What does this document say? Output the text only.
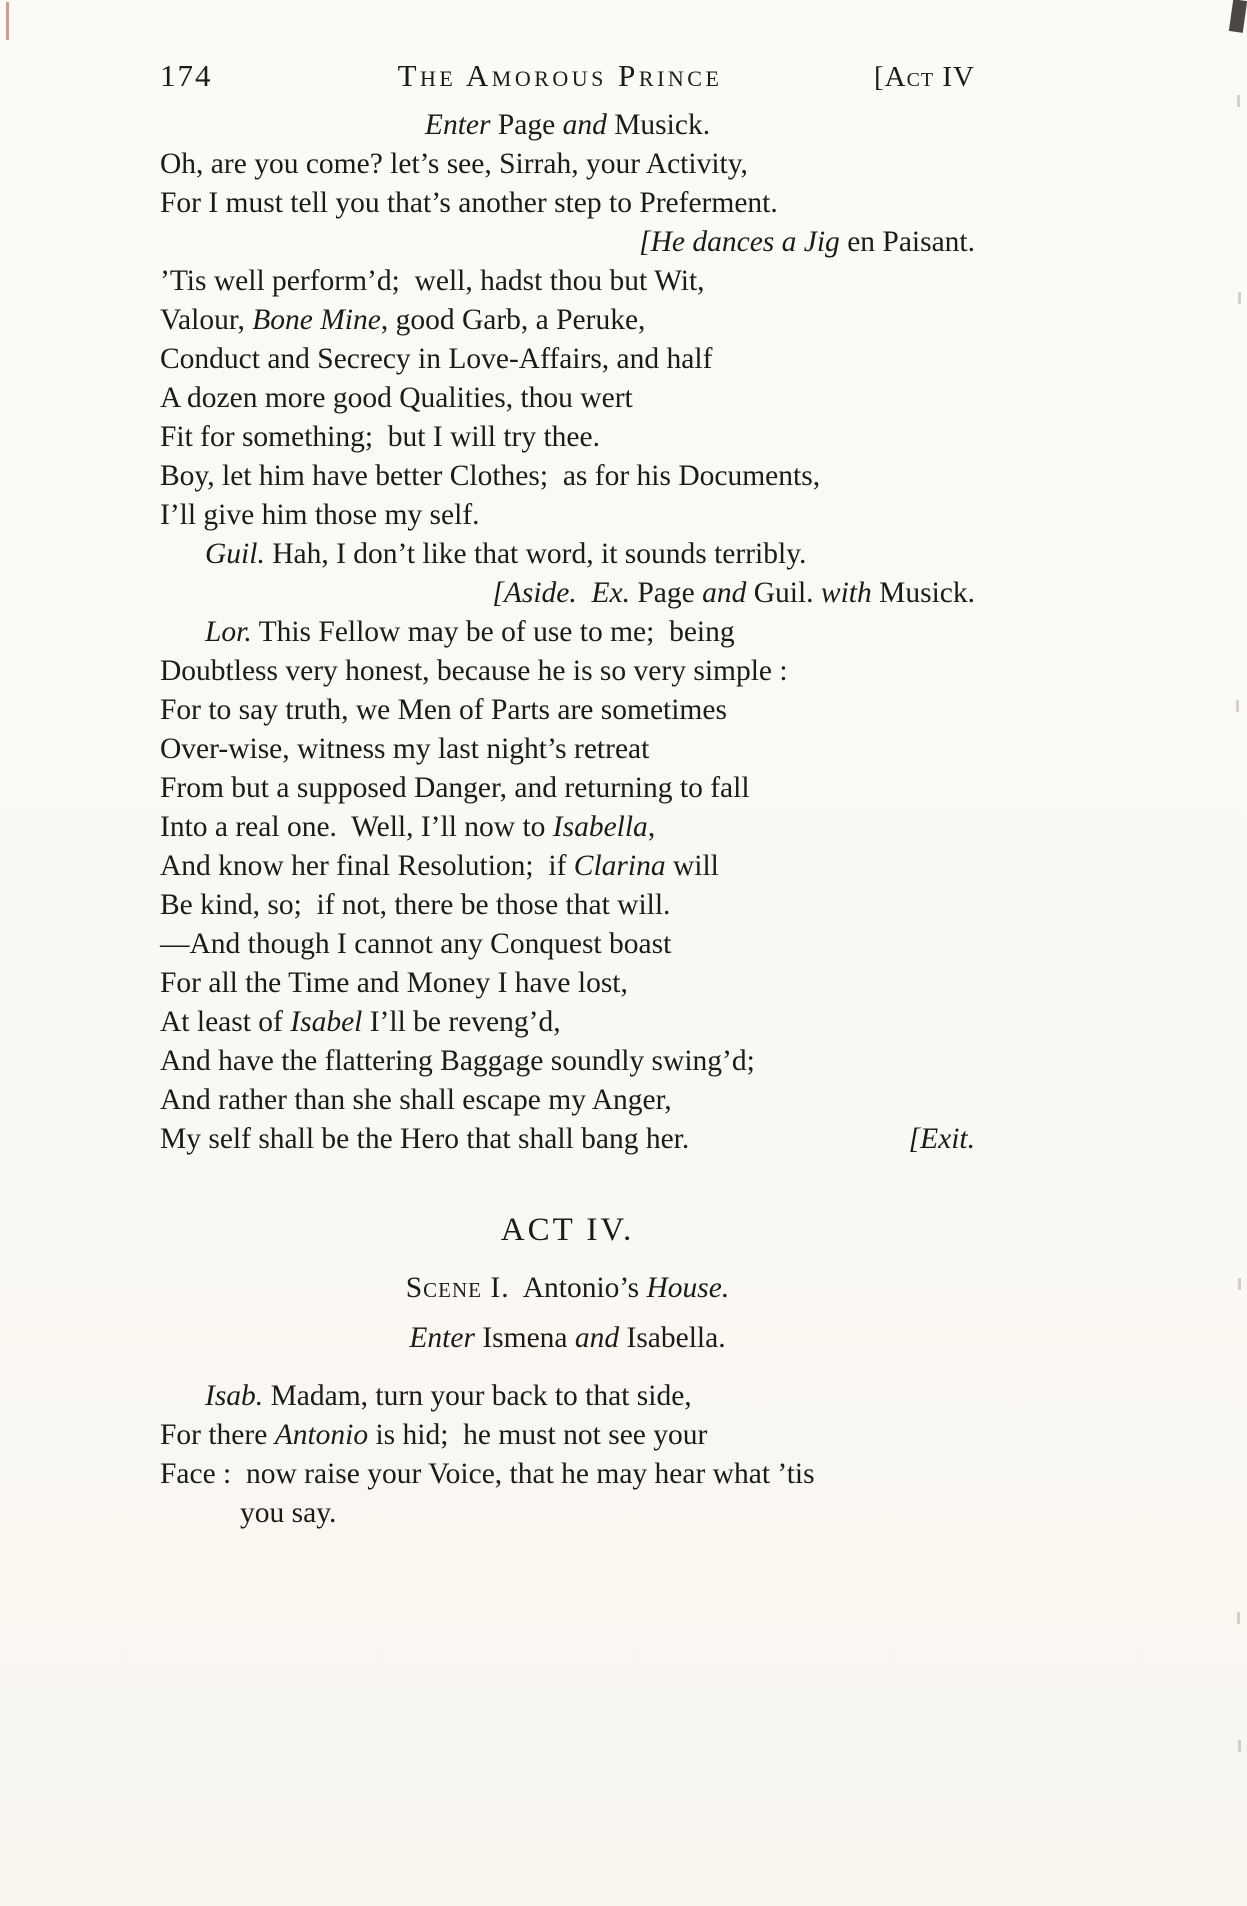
174	The Amorous Prince	[Act IV
Enter Page and Musick.
Oh, are you come? let’s see, Sirrah, your Activity,
For I must tell you that’s another step to Preferment.
[He dances a Jig en Paisant.
’Tis well perform’d;  well, hadst thou but Wit,
Valour, Bone Mine, good Garb, a Peruke,
Conduct and Secrecy in Love-Affairs, and half
A dozen more good Qualities, thou wert
Fit for something;  but I will try thee.
Boy, let him have better Clothes;  as for his Documents,
I’ll give him those my self.
Guil. Hah, I don’t like that word, it sounds terribly.
[Aside.  Ex. Page and Guil. with Musick.
Lor. This Fellow may be of use to me;  being
Doubtless very honest, because he is so very simple :
For to say truth, we Men of Parts are sometimes
Over-wise, witness my last night’s retreat
From but a supposed Danger, and returning to fall
Into a real one.  Well, I’ll now to Isabella,
And know her final Resolution;  if Clarina will
Be kind, so;  if not, there be those that will.
—And though I cannot any Conquest boast
For all the Time and Money I have lost,
At least of Isabel I’ll be reveng’d,
And have the flattering Baggage soundly swing’d;
And rather than she shall escape my Anger,
My self shall be the Hero that shall bang her.	[Exit.
ACT IV.
Scene I.  Antonio’s House.
Enter Ismena and Isabella.
Isab. Madam, turn your back to that side,
For there Antonio is hid;  he must not see your
Face :  now raise your Voice, that he may hear what ’tis
you say.
